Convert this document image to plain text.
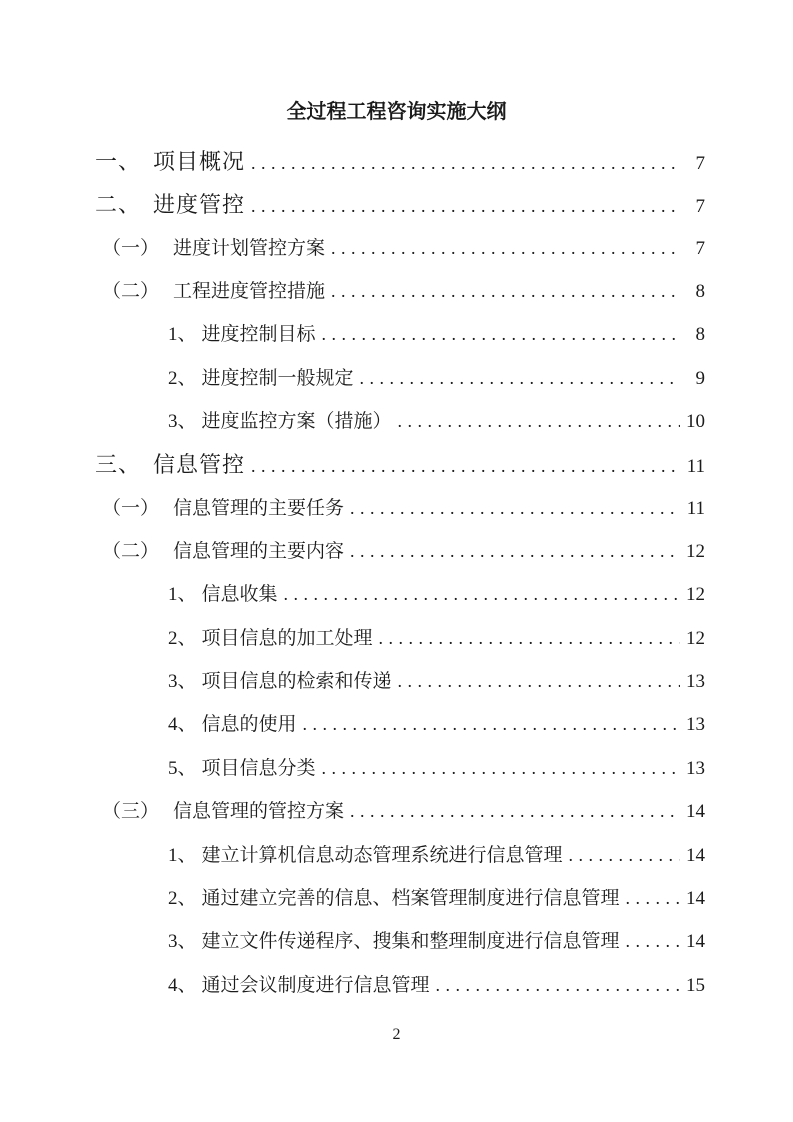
全过程工程咨询实施大纲
一、 项目概况 . . .	7
二、 进度管控 . . .	7
（一） 进度计划管控方案 . . .	7
（二） 工程进度管控措施 . . .	8
1、 进度控制目标 . . .	8
2、 进度控制一般规定 . . .	9
3、 进度监控方案（措施） . . .	10
三、 信息管控 . . .	11
（一） 信息管理的主要任务 . . .	11
（二） 信息管理的主要内容 . . .	12
1、 信息收集 . . .	12
2、 项目信息的加工处理 . . .	12
3、 项目信息的检索和传递 . . .	13
4、 信息的使用 . . .	13
5、 项目信息分类 . . .	13
（三） 信息管理的管控方案 . . .	14
1、 建立计算机信息动态管理系统进行信息管理 . . .	14
2、 通过建立完善的信息、档案管理制度进行信息管理 . . .	14
3、 建立文件传递程序、搜集和整理制度进行信息管理 . . .	14
4、 通过会议制度进行信息管理 . . .	15
2
